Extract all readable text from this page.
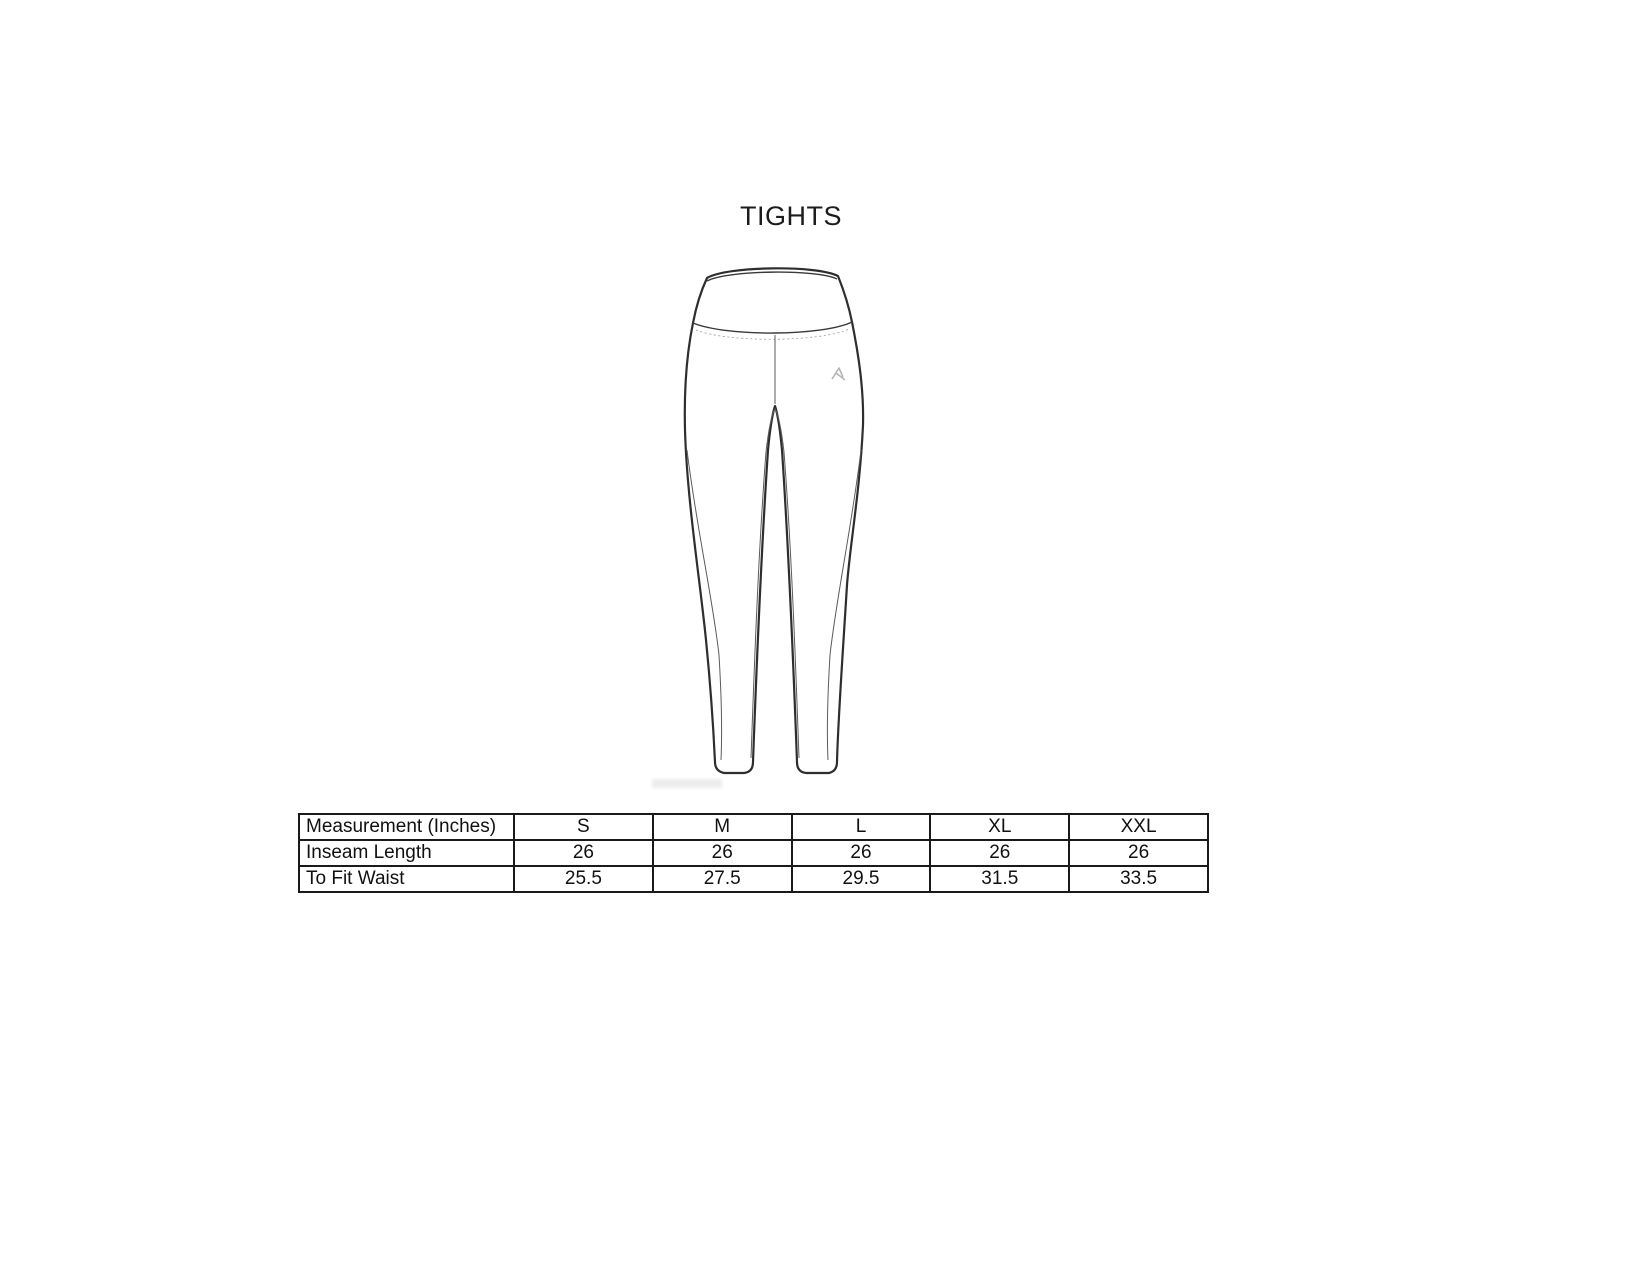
TIGHTS
Measurement (Inches)	S	M	L	XL	XXL
Inseam Length	26	26	26	26	26
To Fit Waist	25.5	27.5	29.5	31.5	33.5
